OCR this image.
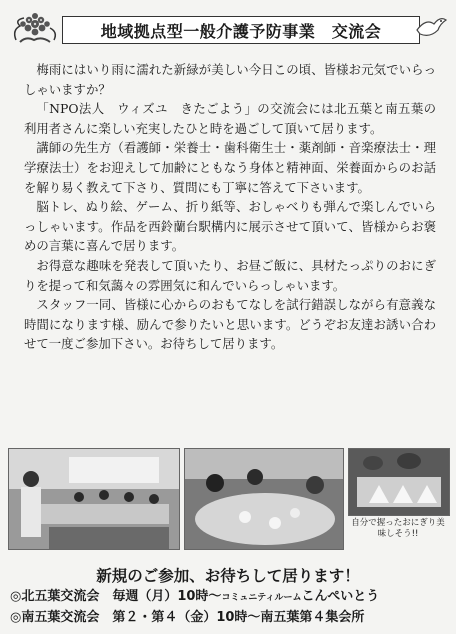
地域拠点型一般介護予防事業　交流会

梅雨にはいり雨に濡れた新緑が美しい今日この頃、皆様お元気でいらっしゃいますか？

「NPO法人　ウィズユ　きたごよう」の交流会には北五葉と南五葉の利用者さんに楽しい充実したひと時を過ごして頂いて居ります。

講師の先生方（看護師・栄養士・歯科衛生士・薬剤師・音楽療法士・理学療法士）をお迎えして加齢にともなう身体と精神面、栄養面からのお話を解り易く教えて下さり、質問にも丁寧に答えて下さいます。

脳トレ、ぬり絵、ゲーム、折り紙等、おしゃべりも弾んで楽しんでいらっしゃいます。作品を西鈴蘭台駅構内に展示させて頂いて、皆様からお褒めの言葉に喜んで居ります。

お得意な趣味を発表して頂いたり、お昼ご飯に、具材たっぷりのおにぎりを提って和気藹々の雰囲気に和んでいらっしゃいます。

スタッフ一同、皆様に心からのおもてなしを試行錯誤しながら有意義な時間になります様、励んで参りたいと思います。どうぞお友達お誘い合わせて一度ご参加下さい。お待ちして居ります。

自分で握ったおにぎり美味しそう!!
新規のご参加、お待ちして居ります！
◎北五葉交流会　毎週（月）10時～コミュニティルームこんぺいとう
◎南五葉交流会　第２・第４（金）10時～南五葉第４集会所
